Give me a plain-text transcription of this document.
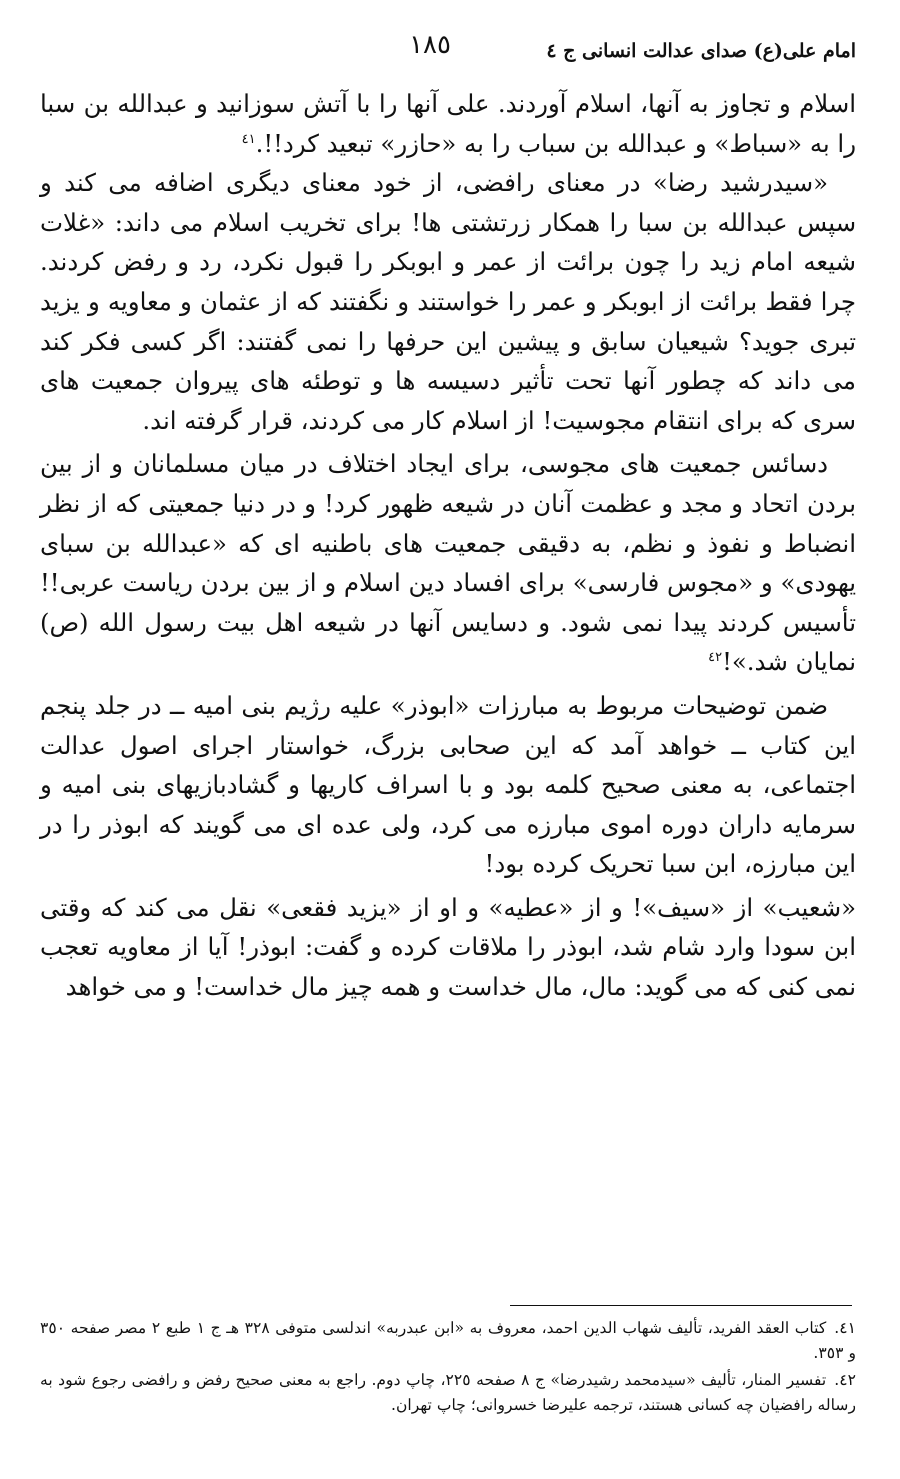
امام علی(ع) صدای عدالت انسانی ج ٤
١٨٥

اسلام و تجاوز به آنها، اسلام آوردند. علی آنها را با آتش سوزانید و عبدالله بن سبا را به «سباط» و عبدالله بن سباب را به «حازر» تبعید کرد!!.$^{٤١}$

«سیدرشید رضا» در معنای رافضی، از خود معنای دیگری اضافه می کند و سپس عبدالله بن سبا را همکار زرتشتی ها! برای تخریب اسلام می داند: «غلات شیعه امام زید را چون برائت از عمر و ابوبکر را قبول نکرد، رد و رفض کردند. چرا فقط برائت از ابوبکر و عمر را خواستند و نگفتند که از عثمان و معاویه و یزید تبری جوید؟ شیعیان سابق و پیشین این حرفها را نمی گفتند: اگر کسی فکر کند می داند که چطور آنها تحت تأثیر دسیسه ها و توطئه های پیروان جمعیت های سری که برای انتقام مجوسیت! از اسلام کار می کردند، قرار گرفته اند.

دسائس جمعیت های مجوسی، برای ایجاد اختلاف در میان مسلمانان و از بین بردن اتحاد و مجد و عظمت آنان در شیعه ظهور کرد! و در دنیا جمعیتی که از نظر انضباط و نفوذ و نظم، به دقیقی جمعیت های باطنیه ای که «عبدالله بن سبای یهودی» و «مجوس فارسی» برای افساد دین اسلام و از بین بردن ریاست عربی!! تأسیس کردند پیدا نمی شود. و دسایس آنها در شیعه اهل بیت رسول الله (ص) نمایان شد.»!$^{٤٢}$

ضمن توضیحات مربوط به مبارزات «ابوذر» علیه رژیم بنی امیه ــ در جلد پنجم این کتاب ــ خواهد آمد که این صحابی بزرگ، خواستار اجرای اصول عدالت اجتماعی، به معنی صحیح کلمه بود و با اسراف کاریها و گشادبازیهای بنی امیه و سرمایه داران دوره اموی مبارزه می کرد، ولی عده ای می گویند که ابوذر را در این مبارزه، ابن سبا تحریک کرده بود!

«شعیب» از «سیف»! و از «عطیه» و او از «یزید فقعی» نقل می کند که وقتی ابن سودا وارد شام شد، ابوذر را ملاقات کرده و گفت: ابوذر! آیا از معاویه تعجب نمی کنی که می گوید: مال، مال خداست و همه چیز مال خداست! و می خواهد

٤١.کتاب العقد الفرید، تألیف شهاب الدین احمد، معروف به «ابن عبدربه» اندلسی متوفی ٣٢٨ هـ ج ١ طبع ٢ مصر صفحه ٣٥٠ و ٣٥٣.

٤٢.تفسیر المنار، تألیف «سیدمحمد رشیدرضا» ج ٨ صفحه ٢٢٥، چاپ دوم. راجع به معنی صحیح رفض و رافضی رجوع شود به رساله رافضیان چه کسانی هستند، ترجمه علیرضا خسروانی؛ چاپ تهران.
